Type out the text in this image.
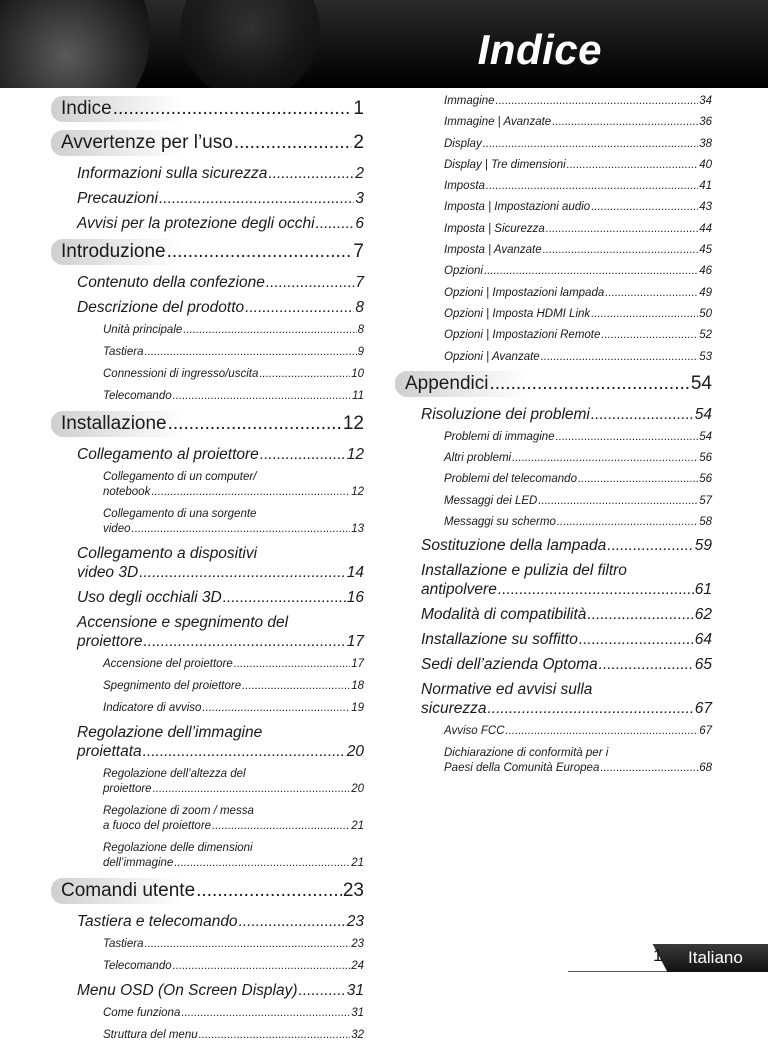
Indice
Indice .....	1
Avvertenze per l’uso .....	2
Informazioni sulla sicurezza .....	2
Precauzioni .....	3
Avvisi per la protezione degli occhi .....	6
Introduzione .....	7
Contenuto della confezione .....	7
Descrizione del prodotto .....	8
Unità principale .....	8
Tastiera .....	9
Connessioni di ingresso/uscita .....	10
Telecomando .....	11
Installazione .....	12
Collegamento al proiettore .....	12
Collegamento di un computer/
notebook .....	12
Collegamento di una sorgente
video .....	13
Collegamento a dispositivi
video 3D .....	14
Uso degli occhiali 3D .....	16
Accensione e spegnimento del
proiettore .....	17
Accensione del proiettore .....	17
Spegnimento del proiettore .....	18
Indicatore di avviso .....	19
Regolazione dell’immagine
proiettata .....	20
Regolazione dell’altezza del
proiettore .....	20
Regolazione di zoom / messa
a fuoco del proiettore .....	21
Regolazione delle dimensioni
dell’immagine .....	21
Comandi utente .....	23
Tastiera e telecomando .....	23
Tastiera .....	23
Telecomando .....	24
Menu OSD (On Screen Display) .....	31
Come funziona .....	31
Struttura del menu .....	32
Immagine .....	34
Immagine | Avanzate .....	36
Display .....	38
Display | Tre dimensioni .....	40
Imposta .....	41
Imposta | Impostazioni audio .....	43
Imposta | Sicurezza .....	44
Imposta | Avanzate .....	45
Opzioni .....	46
Opzioni | Impostazioni lampada .....	49
Opzioni | Imposta HDMI Link .....	50
Opzioni | Impostazioni Remote .....	52
Opzioni | Avanzate .....	53
Appendici .....	54
Risoluzione dei problemi .....	54
Problemi di immagine .....	54
Altri problemi .....	56
Problemi del telecomando .....	56
Messaggi dei LED .....	57
Messaggi su schermo .....	58
Sostituzione della lampada .....	59
Installazione e pulizia del filtro
antipolvere .....	61
Modalità di compatibilità .....	62
Installazione su soffitto .....	64
Sedi dell’azienda Optoma .....	65
Normative ed avvisi sulla
sicurezza .....	67
Avviso FCC .....	67
Dichiarazione di conformità per i
Paesi della Comunità Europea .....	68
1 Italiano
